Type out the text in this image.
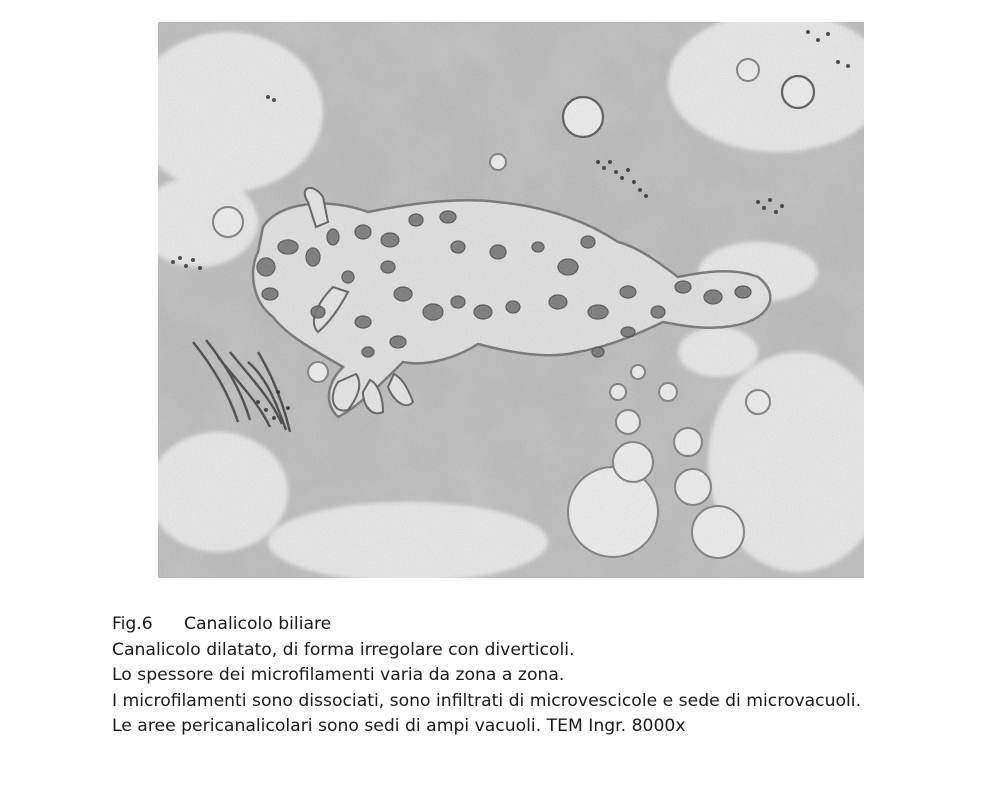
Fig.6 Canalicolo biliare
Canalicolo dilatato, di forma irregolare con diverticoli.
Lo spessore dei microfilamenti varia da zona a zona.
I microfilamenti sono dissociati, sono infiltrati di microvescicole e sede di microvacuoli.
Le aree pericanalicolari sono sedi di ampi vacuoli. TEM Ingr. 8000x
